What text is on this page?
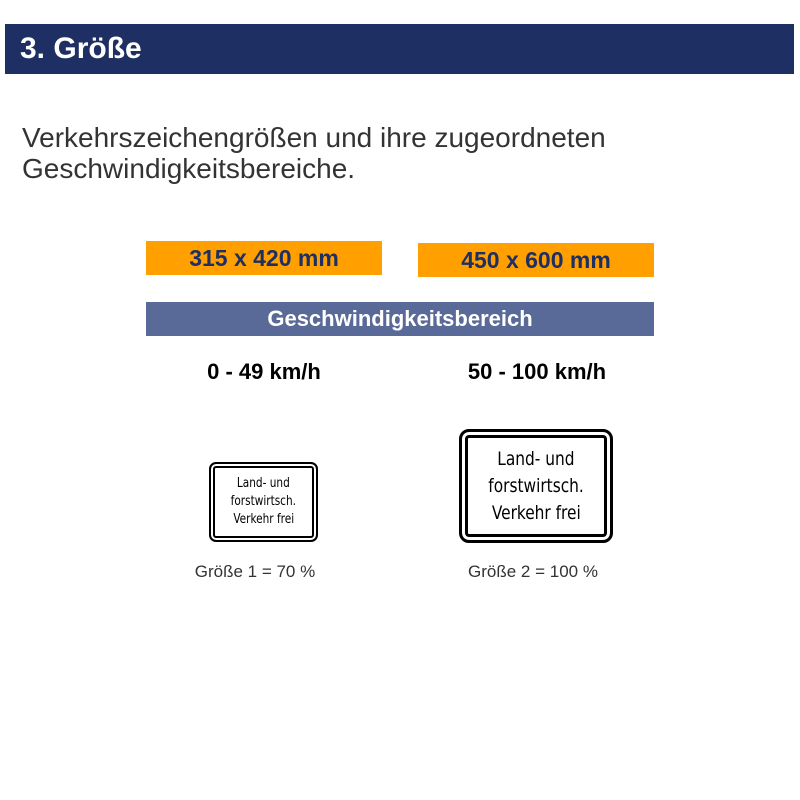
3. Größe
Verkehrszeichengrößen und ihre zugeordneten
Geschwindigkeitsbereiche.
315 x 420 mm	450 x 600 mm
Geschwindigkeitsbereich
0 - 49 km/h	50 - 100 km/h
Land- und
forstwirtsch.
Verkehr frei
Land- und
forstwirtsch.
Verkehr frei
Größe 1 = 70 %	Größe 2 = 100 %
